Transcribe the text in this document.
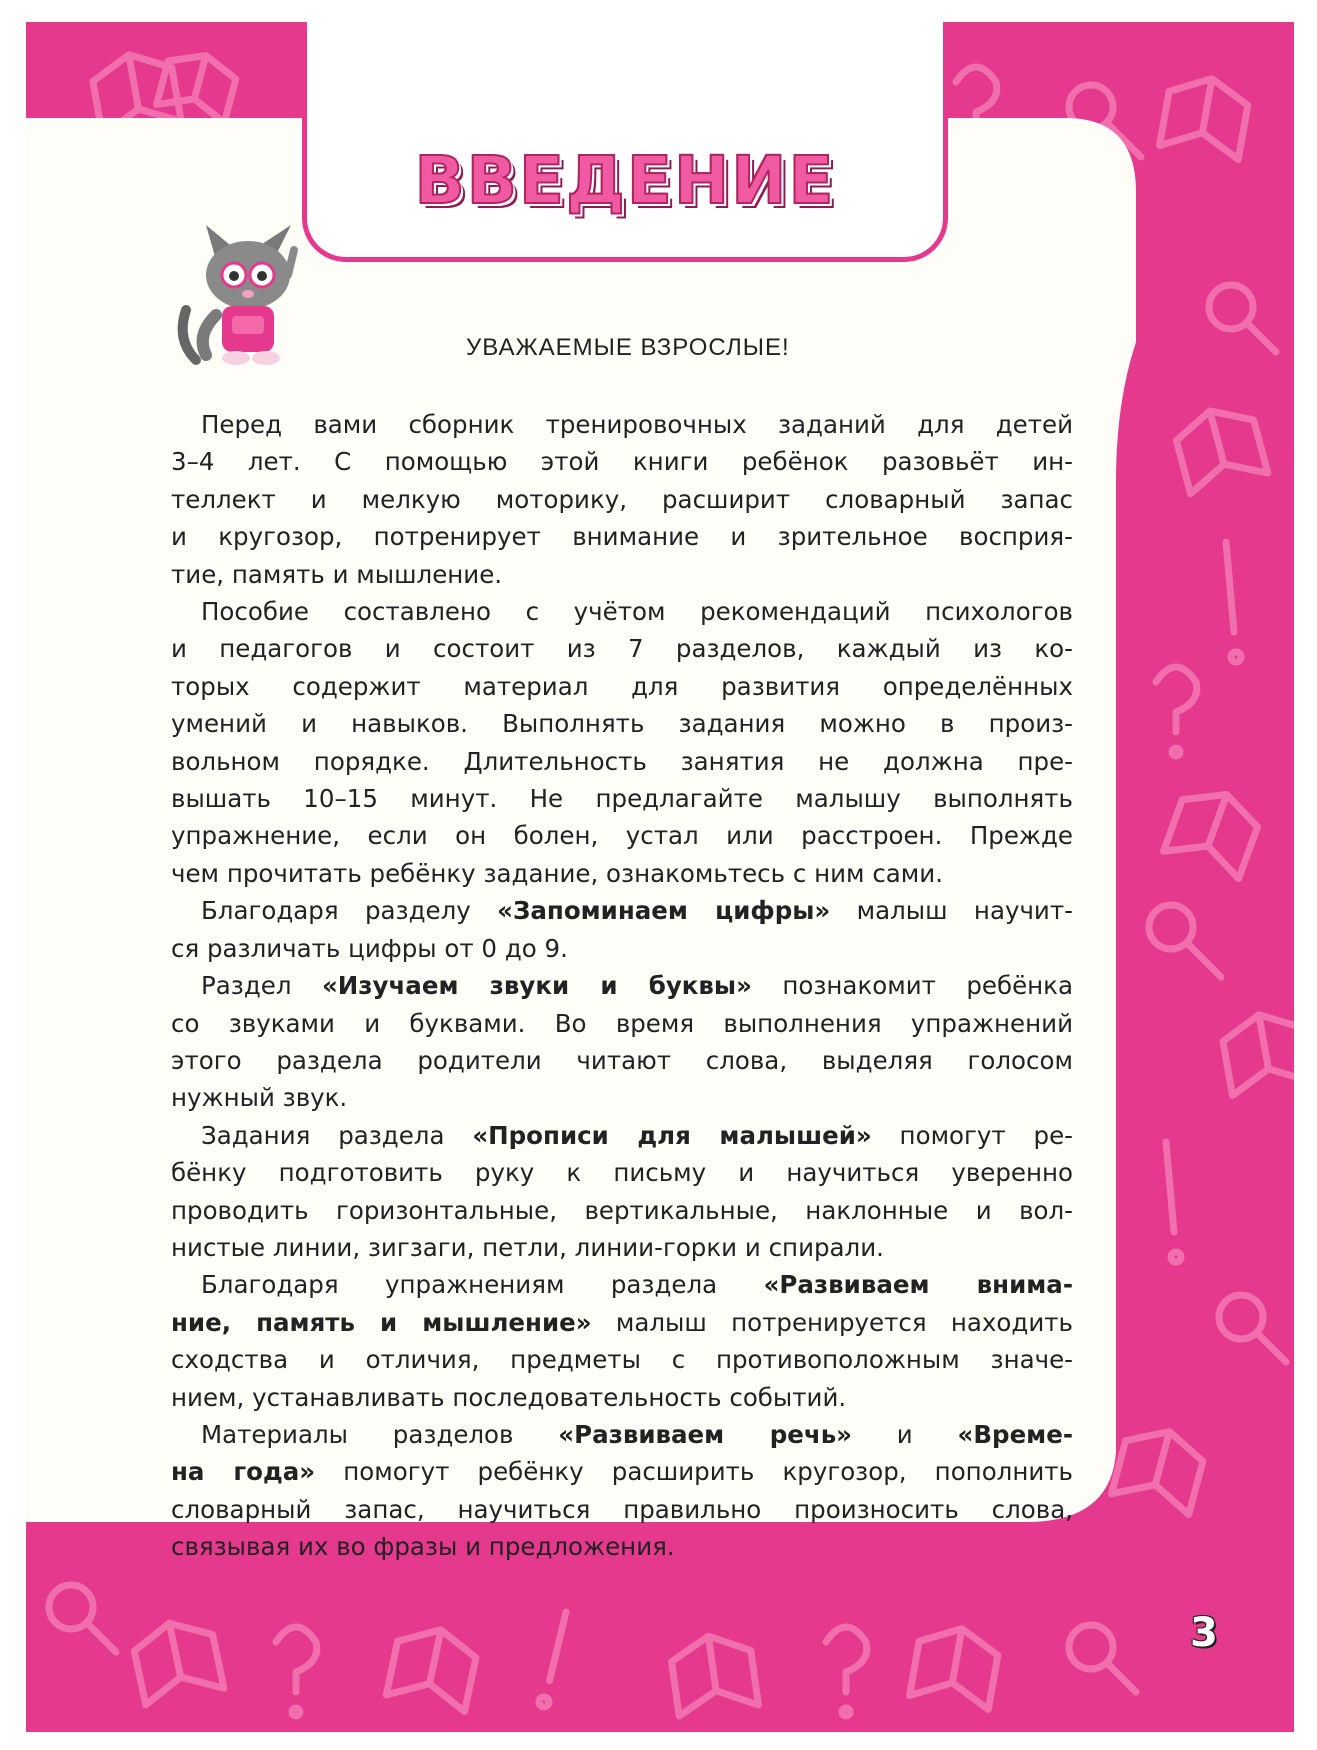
ВВЕДЕНИЕ
УВАЖАЕМЫЕ ВЗРОСЛЫЕ!
Перед вами сборник тренировочных заданий для детей
3–4 лет. С помощью этой книги ребёнок разовьёт ин-
теллект и мелкую моторику, расширит словарный запас
и кругозор, потренирует внимание и зрительное восприя-
тие, память и мышление.
Пособие составлено с учётом рекомендаций психологов
и педагогов и состоит из 7 разделов, каждый из ко-
торых содержит материал для развития определённых
умений и навыков. Выполнять задания можно в произ-
вольном порядке. Длительность занятия не должна пре-
вышать 10–15 минут. Не предлагайте малышу выполнять
упражнение, если он болен, устал или расстроен. Прежде
чем прочитать ребёнку задание, ознакомьтесь с ним сами.
Благодаря разделу «Запоминаем цифры» малыш научит-
ся различать цифры от 0 до 9.
Раздел «Изучаем звуки и буквы» познакомит ребёнка
со звуками и буквами. Во время выполнения упражнений
этого раздела родители читают слова, выделяя голосом
нужный звук.
Задания раздела «Прописи для малышей» помогут ре-
бёнку подготовить руку к письму и научиться уверенно
проводить горизонтальные, вертикальные, наклонные и вол-
нистые линии, зигзаги, петли, линии-горки и спирали.
Благодаря упражнениям раздела «Развиваем внима-
ние, память и мышление» малыш потренируется находить
сходства и отличия, предметы с противоположным значе-
нием, устанавливать последовательность событий.
Материалы разделов «Развиваем речь» и «Време-
на года» помогут ребёнку расширить кругозор, пополнить
словарный запас, научиться правильно произносить слова,
связывая их во фразы и предложения.
3
